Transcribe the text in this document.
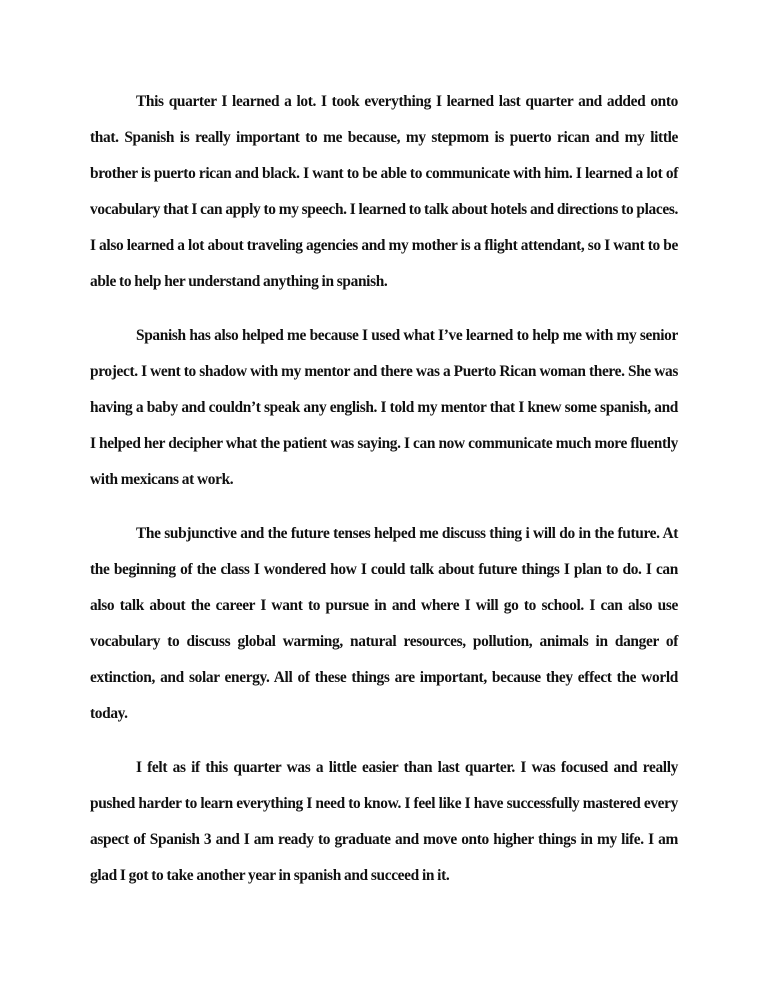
This quarter I learned a lot. I took everything I learned last quarter and added onto that. Spanish is really important to me because, my stepmom is puerto rican and my little brother is puerto rican and black. I want to be able to communicate with him. I learned a lot of vocabulary that I can apply to my speech. I learned to talk about hotels and directions to places. I also learned a lot about traveling agencies and my mother is a flight attendant, so I want to be able to help her understand anything in spanish.

Spanish has also helped me because I used what I’ve learned to help me with my senior project. I went to shadow with my mentor and there was a Puerto Rican woman there. She was having a baby and couldn’t speak any english. I told my mentor that I knew some spanish, and I helped her decipher what the patient was saying. I can now communicate much more fluently with mexicans at work.

The subjunctive and the future tenses helped me discuss thing i will do in the future. At the beginning of the class I wondered how I could talk about future things I plan to do. I can also talk about the career I want to pursue in and where I will go to school. I can also use vocabulary to discuss global warming, natural resources, pollution, animals in danger of extinction, and solar energy. All of these things are important, because they effect the world today.

I felt as if this quarter was a little easier than last quarter. I was focused and really pushed harder to learn everything I need to know. I feel like I have successfully mastered every aspect of Spanish 3 and I am ready to graduate and move onto higher things in my life. I am glad I got to take another year in spanish and succeed in it.
